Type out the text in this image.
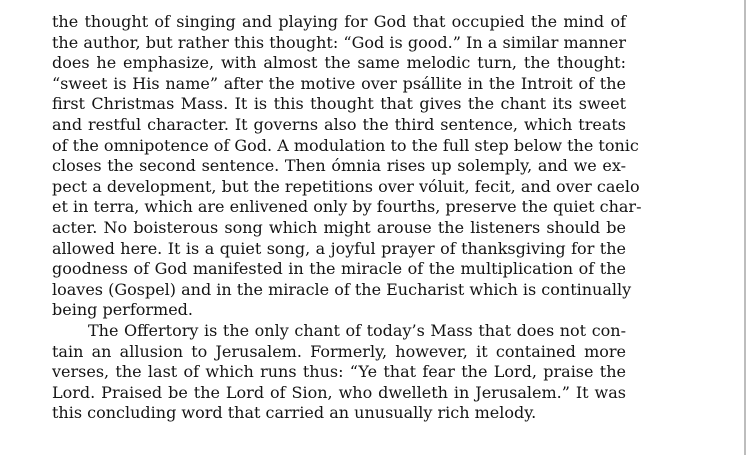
the thought of singing and playing for God that occupied the mind of
the author, but rather this thought: “God is good.” In a similar manner
does he emphasize, with almost the same melodic turn, the thought:
“sweet is His name” after the motive over psállite in the Introit of the
first Christmas Mass. It is this thought that gives the chant its sweet
and restful character. It governs also the third sentence, which treats
of the omnipotence of God. A modulation to the full step below the tonic
closes the second sentence. Then ómnia rises up solemply, and we ex-
pect a development, but the repetitions over vóluit, fecit, and over caelo
et in terra, which are enlivened only by fourths, preserve the quiet char-
acter. No boisterous song which might arouse the listeners should be
allowed here. It is a quiet song, a joyful prayer of thanksgiving for the
goodness of God manifested in the miracle of the multiplication of the
loaves (Gospel) and in the miracle of the Eucharist which is continually
being performed.
The Offertory is the only chant of today’s Mass that does not con-
tain an allusion to Jerusalem. Formerly, however, it contained more
verses, the last of which runs thus: “Ye that fear the Lord, praise the
Lord. Praised be the Lord of Sion, who dwelleth in Jerusalem.” It was
this concluding word that carried an unusually rich melody.
